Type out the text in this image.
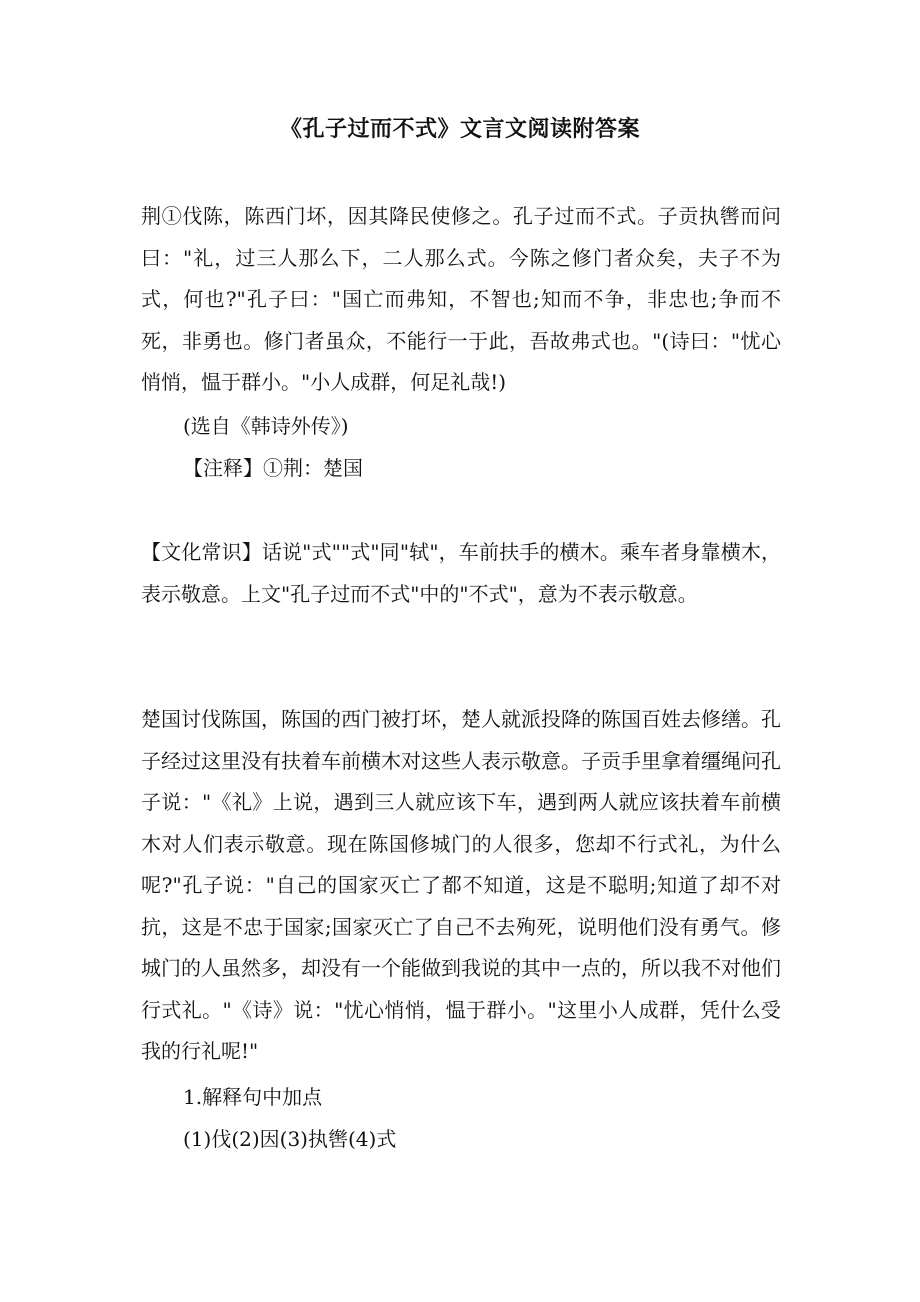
《孔子过而不式》文言文阅读附答案

荆①伐陈，陈西门坏，因其降民使修之。孔子过而不式。子贡执辔而问曰："礼，过三人那么下，二人那么式。今陈之修门者众矣，夫子不为式，何也?"孔子曰："国亡而弗知，不智也;知而不争，非忠也;争而不死，非勇也。修门者虽众，不能行一于此，吾故弗式也。"(诗曰："忧心悄悄，愠于群小。"小人成群，何足礼哉!)

(选自《韩诗外传》)

【注释】①荆：楚国

【文化常识】话说"式""式"同"轼"，车前扶手的横木。乘车者身靠横木，表示敬意。上文"孔子过而不式"中的"不式"，意为不表示敬意。

楚国讨伐陈国，陈国的西门被打坏，楚人就派投降的陈国百姓去修缮。孔子经过这里没有扶着车前横木对这些人表示敬意。子贡手里拿着缰绳问孔子说："《礼》上说，遇到三人就应该下车，遇到两人就应该扶着车前横木对人们表示敬意。现在陈国修城门的人很多，您却不行式礼，为什么呢?"孔子说："自己的国家灭亡了都不知道，这是不聪明;知道了却不对抗，这是不忠于国家;国家灭亡了自己不去殉死，说明他们没有勇气。修城门的人虽然多，却没有一个能做到我说的其中一点的，所以我不对他们行式礼。"《诗》说："忧心悄悄，愠于群小。"这里小人成群，凭什么受我的行礼呢!"

1.解释句中加点

(1)伐(2)因(3)执辔(4)式
